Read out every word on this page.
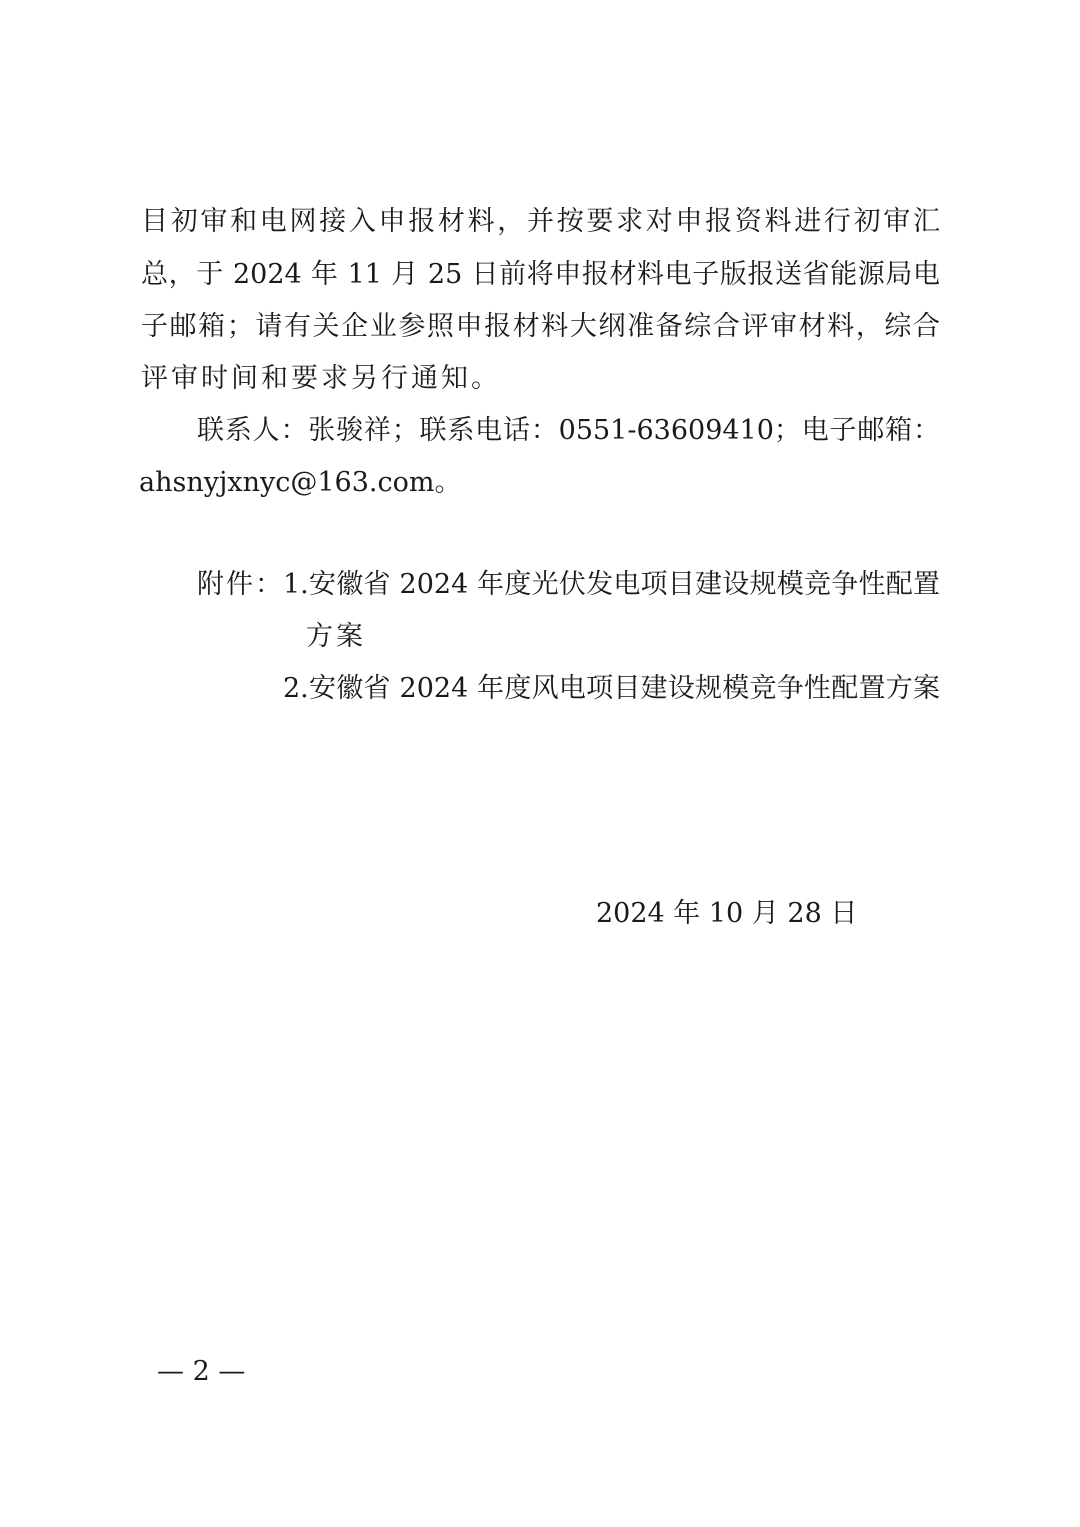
目初审和电网接入申报材料，并按要求对申报资料进行初审汇
总，于 2024 年 11 月 25 日前将申报材料电子版报送省能源局电
子邮箱；请有关企业参照申报材料大纲准备综合评审材料，综合
评审时间和要求另行通知。
联系人：张骏祥；联系电话：0551-63609410；电子邮箱：
ahsnyjxnyc@163.com。
附件： 1.安徽省 2024 年度光伏发电项目建设规模竞争性配置
方案
2.安徽省 2024 年度风电项目建设规模竞争性配置方案
2024 年 10 月 28 日
— 2 —
